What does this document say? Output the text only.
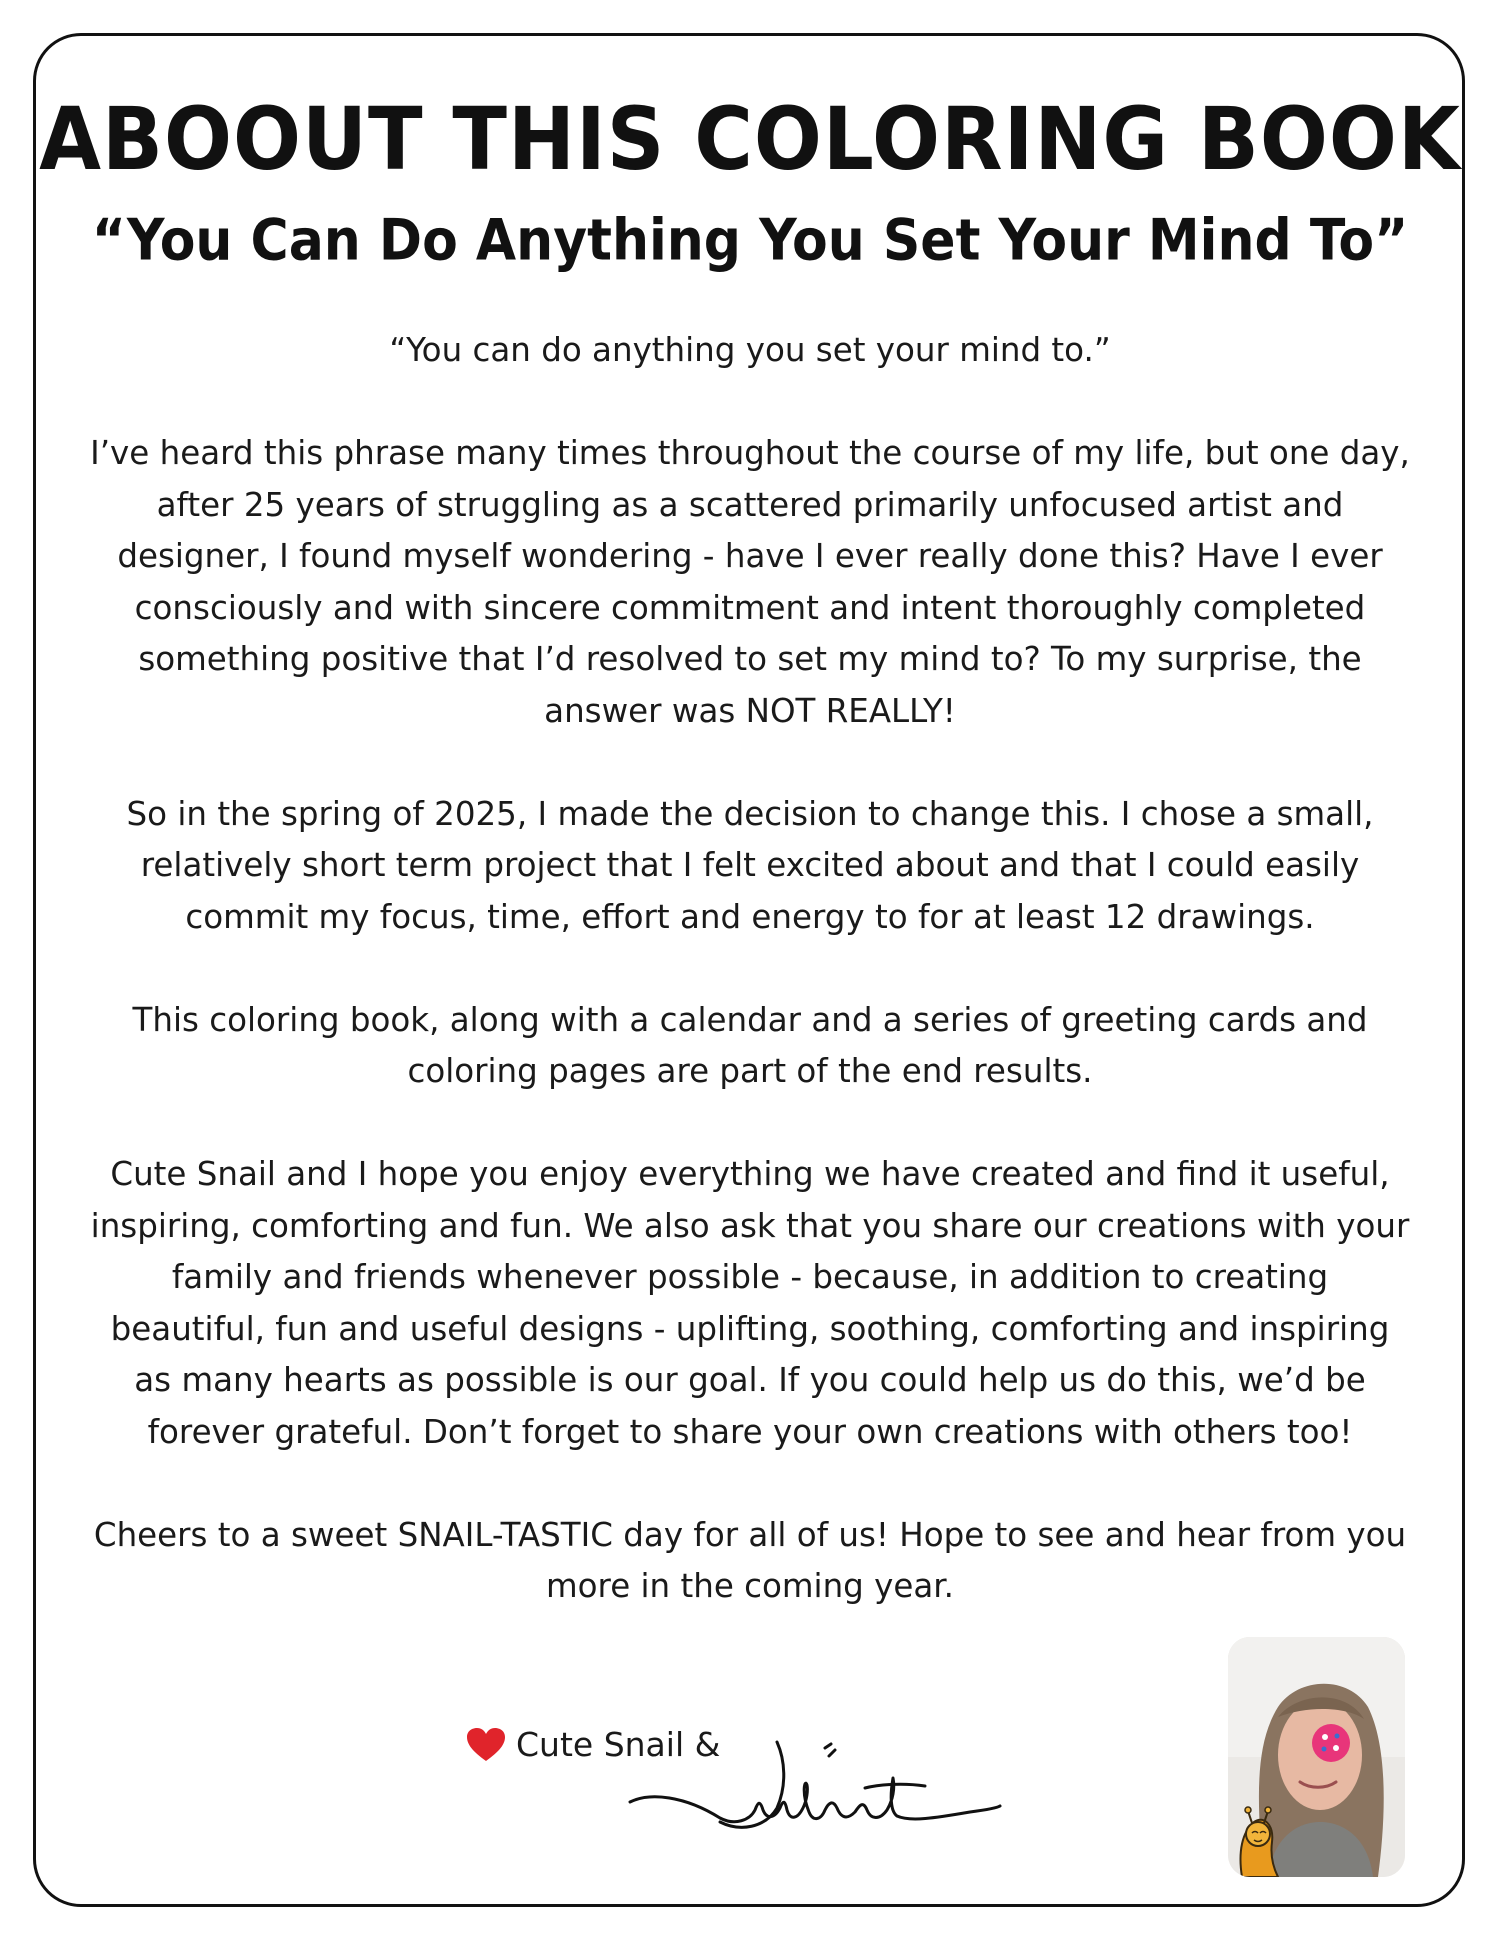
ABOOUT THIS COLORING BOOK
“You Can Do Anything You Set Your Mind To”

“You can do anything you set your mind to.”

I’ve heard this phrase many times throughout the course of my life, but one day, after 25 years of struggling as a scattered primarily unfocused artist and designer, I found myself wondering - have I ever really done this? Have I ever consciously and with sincere commitment and intent thoroughly completed something positive that I’d resolved to set my mind to? To my surprise, the answer was NOT REALLY!

So in the spring of 2025, I made the decision to change this. I chose a small, relatively short term project that I felt excited about and that I could easily commit my focus, time, effort and energy to for at least 12 drawings.

This coloring book, along with a calendar and a series of greeting cards and coloring pages are part of the end results.

Cute Snail and I hope you enjoy everything we have created and find it useful, inspiring, comforting and fun. We also ask that you share our creations with your family and friends whenever possible - because, in addition to creating beautiful, fun and useful designs - uplifting, soothing, comforting and inspiring as many hearts as possible is our goal. If you could help us do this, we’d be forever grateful. Don’t forget to share your own creations with others too!

Cheers to a sweet SNAIL-TASTIC day for all of us! Hope to see and hear from you more in the coming year.

Cute Snail &
